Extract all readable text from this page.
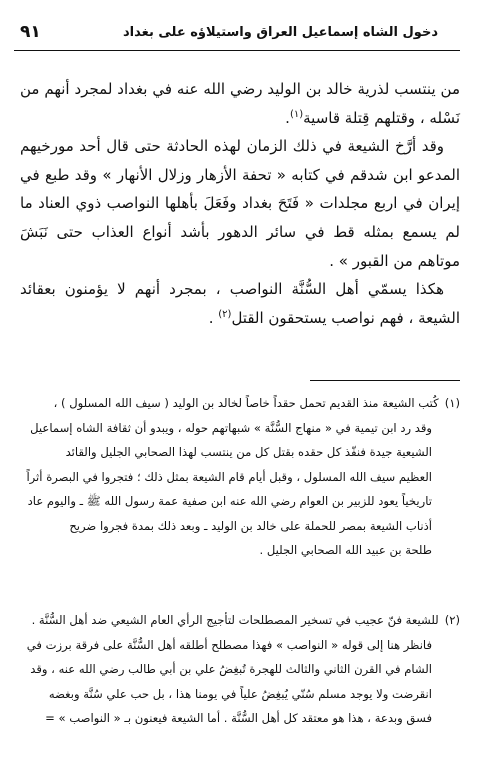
دخول الشاه إسماعيل العراق واستيلاؤه على بغداد
٩١

من ينتسب لذرية خالد بن الوليد رضي الله عنه في بغداد لمجرد أنهم من نَسْله ، وقتلهم قِتلة قاسية$^{(١)}$.

وقد أرَّخ الشيعة في ذلك الزمان لهذه الحادثة حتى قال أحد مورخيهم المدعو ابن شدقم في كتابه « تحفة الأزهار وزلال الأنهار » وقد طبع في إيران في اربع مجلدات « فَتَحَ بغداد وفَعَلَ بأهلها النواصب ذوي العناد ما لم يسمع بمثله قط في سائر الدهور بأشد أنواع العذاب حتى نَبَشَ موتاهم من القبور » .

هكذا يسمّي أهل السُّنَّة النواصب ، بمجرد أنهم لا يؤمنون بعقائد الشيعة ، فهم نواصب يستحقون القتل$^{(٢)}$ .

(١)كُتب الشيعة منذ القديم تحمل حقداً خاصاً لخالد بن الوليد ( سيف الله المسلول ) ،
وقد رد ابن تيمية في « منهاج السُّنَّة » شبهاتهم حوله ، ويبدو أن ثقافة الشاه إسماعيل
الشيعية جيدة فنفّذ كل حقده بقتل كل من ينتسب لهذا الصحابي الجليل والقائد
العظيم سيف الله المسلول ، وقبل أيام قام الشيعة بمثل ذلك ؛ فتجروا في البصرة أثراً
تاريخياً يعود للزبير بن العوام رضي الله عنه ابن صفية عمة رسول الله ﷺ ـ واليوم عاد
أذناب الشيعة بمصر للحملة على خالد بن الوليد ـ وبعد ذلك بمدة فجروا ضريح
طلحة بن عبيد الله الصحابي الجليل .
(٢)للشيعة فنّ عجيب في تسخير المصطلحات لتأجيج الرأي العام الشيعي ضد أهل السُّنَّة .
فانظر هنا إلى قوله « النواصب » فهذا مصطلح أطلقه أهل السُّنَّة على فرقة برزت في
الشام في القرن الثاني والثالث للهجرة تُبغِضُ علي بن أبي طالب رضي الله عنه ، وقد
انقرضت ولا يوجد مسلم سُنّي يُبغِضُ علياً في يومنا هذا ، بل حب علي سُنَّة وبغضه
فسق وبدعة ، هذا هو معتقد كل أهل السُّنَّة . أما الشيعة فيعنون بـ « النواصب » =
